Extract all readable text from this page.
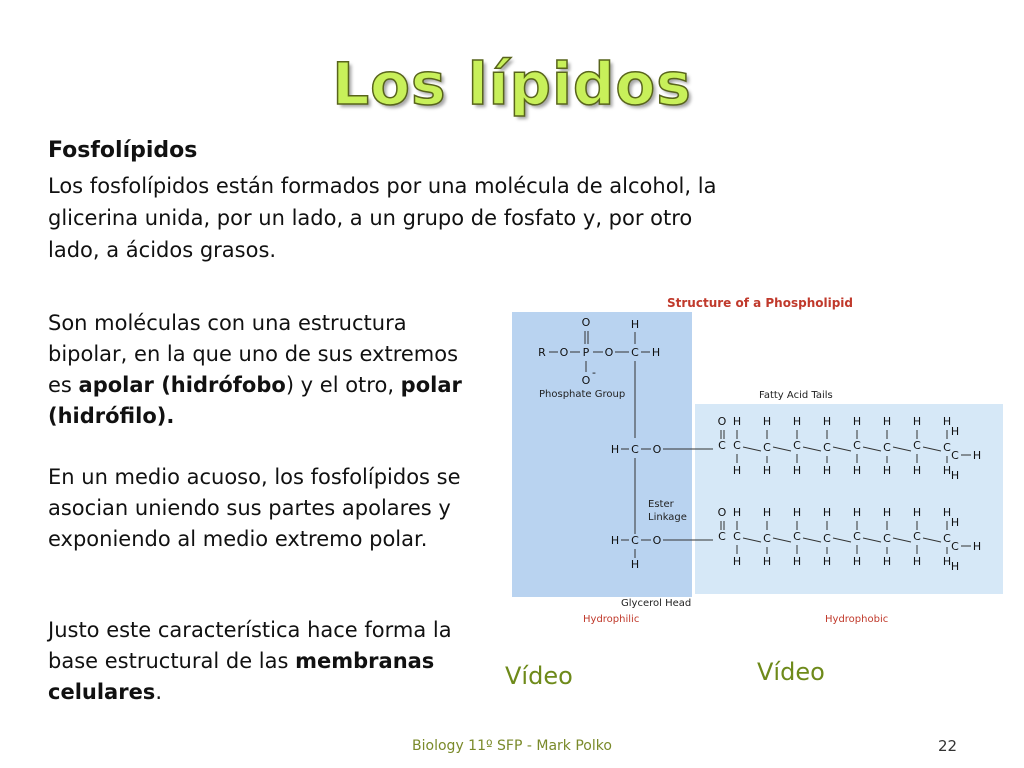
Los lípidos
Fosfolípidos
Los fosfolípidos están formados por una molécula de alcohol, la glicerina unida, por un lado, a un grupo de fosfato y, por otro lado, a ácidos grasos.
Son moléculas con una estructura bipolar, en la que uno de sus extremos es apolar (hidrófobo) y el otro, polar (hidrófilo).
En un medio acuoso, los fosfolípidos se asocian uniendo sus partes apolares y exponiendo al medio extremo polar.
Justo este característica hace forma la base estructural de las membranas celulares.
Structure of a Phospholipid
Phosphate Group	Fatty Acid Tails
Ester
Linkage
Glycerol Head
Hydrophilic	Hydrophobic
O	H
R O P O C H
O
-
H C O
H C O
H
O
C
H
C
H
H
C
H
H
C
H
H
C
H
H
C
H
H
C
H
H
C
H
H
C
H
C H
H
H
O
C
H
C
H
H
C
H
H
C
H
H
C
H
H
C
H
H
C
H
H
C
H
H
C
H
C H
H
H
Vídeo	Vídeo
Biology 11º SFP - Mark Polko	22
